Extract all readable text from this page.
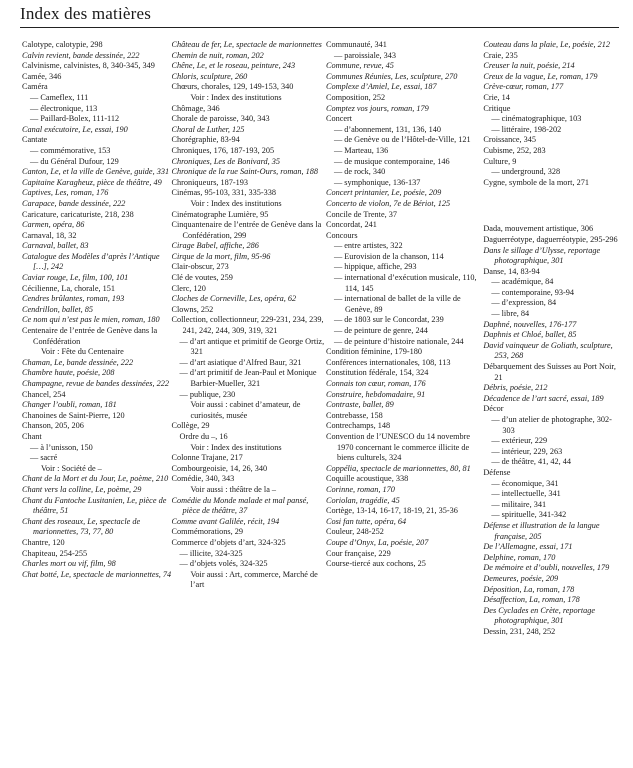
Index des matières
Calotype, calotypie, 298
Calvin revient, bande dessinée, 222
Calvinisme, calvinistes, 8, 340-345, 349
Camée, 346
Caméra
— Cameflex, 111
— électronique, 113
— Paillard-Bolex, 111-112
Canal exécutoire, Le, essai, 190
Cantate
— commémorative, 153
— du Général Dufour, 129
Canton, Le, et la ville de Genève, guide, 331
Capitaine Karagheuz, pièce de théâtre, 49
Captives, Les, roman, 176
Carapace, bande dessinée, 222
Caricature, caricaturiste, 218, 238
Carmen, opéra, 86
Carnaval, 18, 32
Carnaval, ballet, 83
Catalogue des Modèles d’après l’Antique […], 242
Caviar rouge, Le, film, 100, 101
Cécilienne, La, chorale, 151
Cendres brûlantes, roman, 193
Cendrillon, ballet, 85
Ce nom qui n’est pas le mien, roman, 180
Centenaire de l’entrée de Genève dans la Confédération
Voir : Fête du Centenaire
Chaman, Le, bande dessinée, 222
Chambre haute, poésie, 208
Champagne, revue de bandes dessinées, 222
Chancel, 254
Changer l’oubli, roman, 181
Chanoines de Saint-Pierre, 120
Chanson, 205, 206
Chant
— à l’unisson, 150
— sacré
Voir : Société de –
Chant de la Mort et du Jour, Le, poème, 210
Chant vers la colline, Le, poème, 29
Chant du Fantoche Lusitanien, Le, pièce de théâtre, 51
Chant des roseaux, Le, spectacle de marionnettes, 73, 77, 80
Chantre, 120
Chapiteau, 254-255
Charles mort ou vif, film, 98
Chat botté, Le, spectacle de marionnettes, 74
Château de fer, Le, spectacle de marionnettes
Chemin de nuit, roman, 202
Chêne, Le, et le roseau, peinture, 243
Chloris, sculpture, 260
Chœurs, chorales, 129, 149-153, 340
Voir : Index des institutions
Chômage, 346
Chorale de paroisse, 340, 343
Choral de Luther, 125
Chorégraphie, 83-94
Chroniques, 176, 187-193, 205
Chroniques, Les de Bonivard, 35
Chronique de la rue Saint-Ours, roman, 188
Chroniqueurs, 187-193
Cinémas, 95-103, 331, 335-338
Voir : Index des institutions
Cinématographe Lumière, 95
Cinquantenaire de l’entrée de Genève dans la Confédération, 299
Cirage Babel, affiche, 286
Cirque de la mort, film, 95-96
Clair-obscur, 273
Clé de voutes, 259
Clerc, 120
Cloches de Corneville, Les, opéra, 62
Clowns, 252
Collection, collectionneur, 229-231, 234, 239, 241, 242, 244, 309, 319, 321
— d’art antique et primitif de George Ortiz, 321
— d’art asiatique d’Alfred Baur, 321
— d’art primitif de Jean-Paul et Monique Barbier-Mueller, 321
— publique, 230
Voir aussi : cabinet d’amateur, de curiosités, musée
Collège, 29
Ordre du –, 16
Voir : Index des institutions
Colonne Trajane, 217
Combourgeoisie, 14, 26, 340
Comédie, 340, 343
Voir aussi : théâtre de la –
Comédie du Monde malade et mal pansé, pièce de théâtre, 37
Comme avant Galilée, récit, 194
Commémorations, 29
Commerce d’objets d’art, 324-325
— illicite, 324-325
— d’objets volés, 324-325
Voir aussi : Art, commerce, Marché de l’art
Communauté, 341
— paroissiale, 343
Commune, revue, 45
Communes Réunies, Les, sculpture, 270
Complexe d’Amiel, Le, essai, 187
Composition, 252
Comptez vos jours, roman, 179
Concert
— d’abonnement, 131, 136, 140
— de Genève ou de l’Hôtel-de-Ville, 121
— Marteau, 136
— de musique contemporaine, 146
— de rock, 340
— symphonique, 136-137
Concert printanier, Le, poésie, 209
Concerto de violon, 7e de Bériot, 125
Concile de Trente, 37
Concordat, 241
Concours
— entre artistes, 322
— Eurovision de la chanson, 114
— hippique, affiche, 293
— international d’exécution musicale, 110, 114, 145
— international de ballet de la ville de Genève, 89
— de 1803 sur le Concordat, 239
— de peinture de genre, 244
— de peinture d’histoire nationale, 244
Condition féminine, 179-180
Conférences internationales, 108, 113
Constitution fédérale, 154, 324
Connais ton cœur, roman, 176
Construire, hebdomadaire, 91
Contraste, ballet, 89
Contrebasse, 158
Contrechamps, 148
Convention de l’UNESCO du 14 novembre 1970 concernant le commerce illicite de biens culturels, 324
Coppélia, spectacle de marionnettes, 80, 81
Coquille acoustique, 338
Corinne, roman, 170
Coriolan, tragédie, 45
Cortège, 13-14, 16-17, 18-19, 21, 35-36
Cosi fan tutte, opéra, 64
Couleur, 248-252
Coupe d’Onyx, La, poésie, 207
Cour française, 229
Course-tiercé aux cochons, 25
Couteau dans la plaie, Le, poésie, 212
Craie, 235
Creuser la nuit, poésie, 214
Creux de la vague, Le, roman, 179
Crève-cœur, roman, 177
Crie, 14
Critique
— cinématographique, 103
— littéraire, 198-202
Croissance, 345
Cubisme, 252, 283
Culture, 9
— underground, 328
Cygne, symbole de la mort, 271
Dada, mouvement artistique, 306
Daguerréotype, daguerréotypie, 295-296
Dans le sillage d’Ulysse, reportage photographique, 301
Danse, 14, 83-94
— académique, 84
— contemporaine, 93-94
— d’expression, 84
— libre, 84
Daphné, nouvelles, 176-177
Daphnis et Chloé, ballet, 85
David vainqueur de Goliath, sculpture, 253, 268
Débarquement des Suisses au Port Noir, 21
Débris, poésie, 212
Décadence de l’art sacré, essai, 189
Décor
— d’un atelier de photographe, 302-303
— extérieur, 229
— intérieur, 229, 263
— de théâtre, 41, 42, 44
Défense
— économique, 341
— intellectuelle, 341
— militaire, 341
— spirituelle, 341-342
Défense et illustration de la langue française, 205
De l’Allemagne, essai, 171
Delphine, roman, 170
De mémoire et d’oubli, nouvelles, 179
Demeures, poésie, 209
Déposition, La, roman, 178
Désaffection, La, roman, 178
Des Cyclades en Crète, reportage photographique, 301
Dessin, 231, 248, 252
